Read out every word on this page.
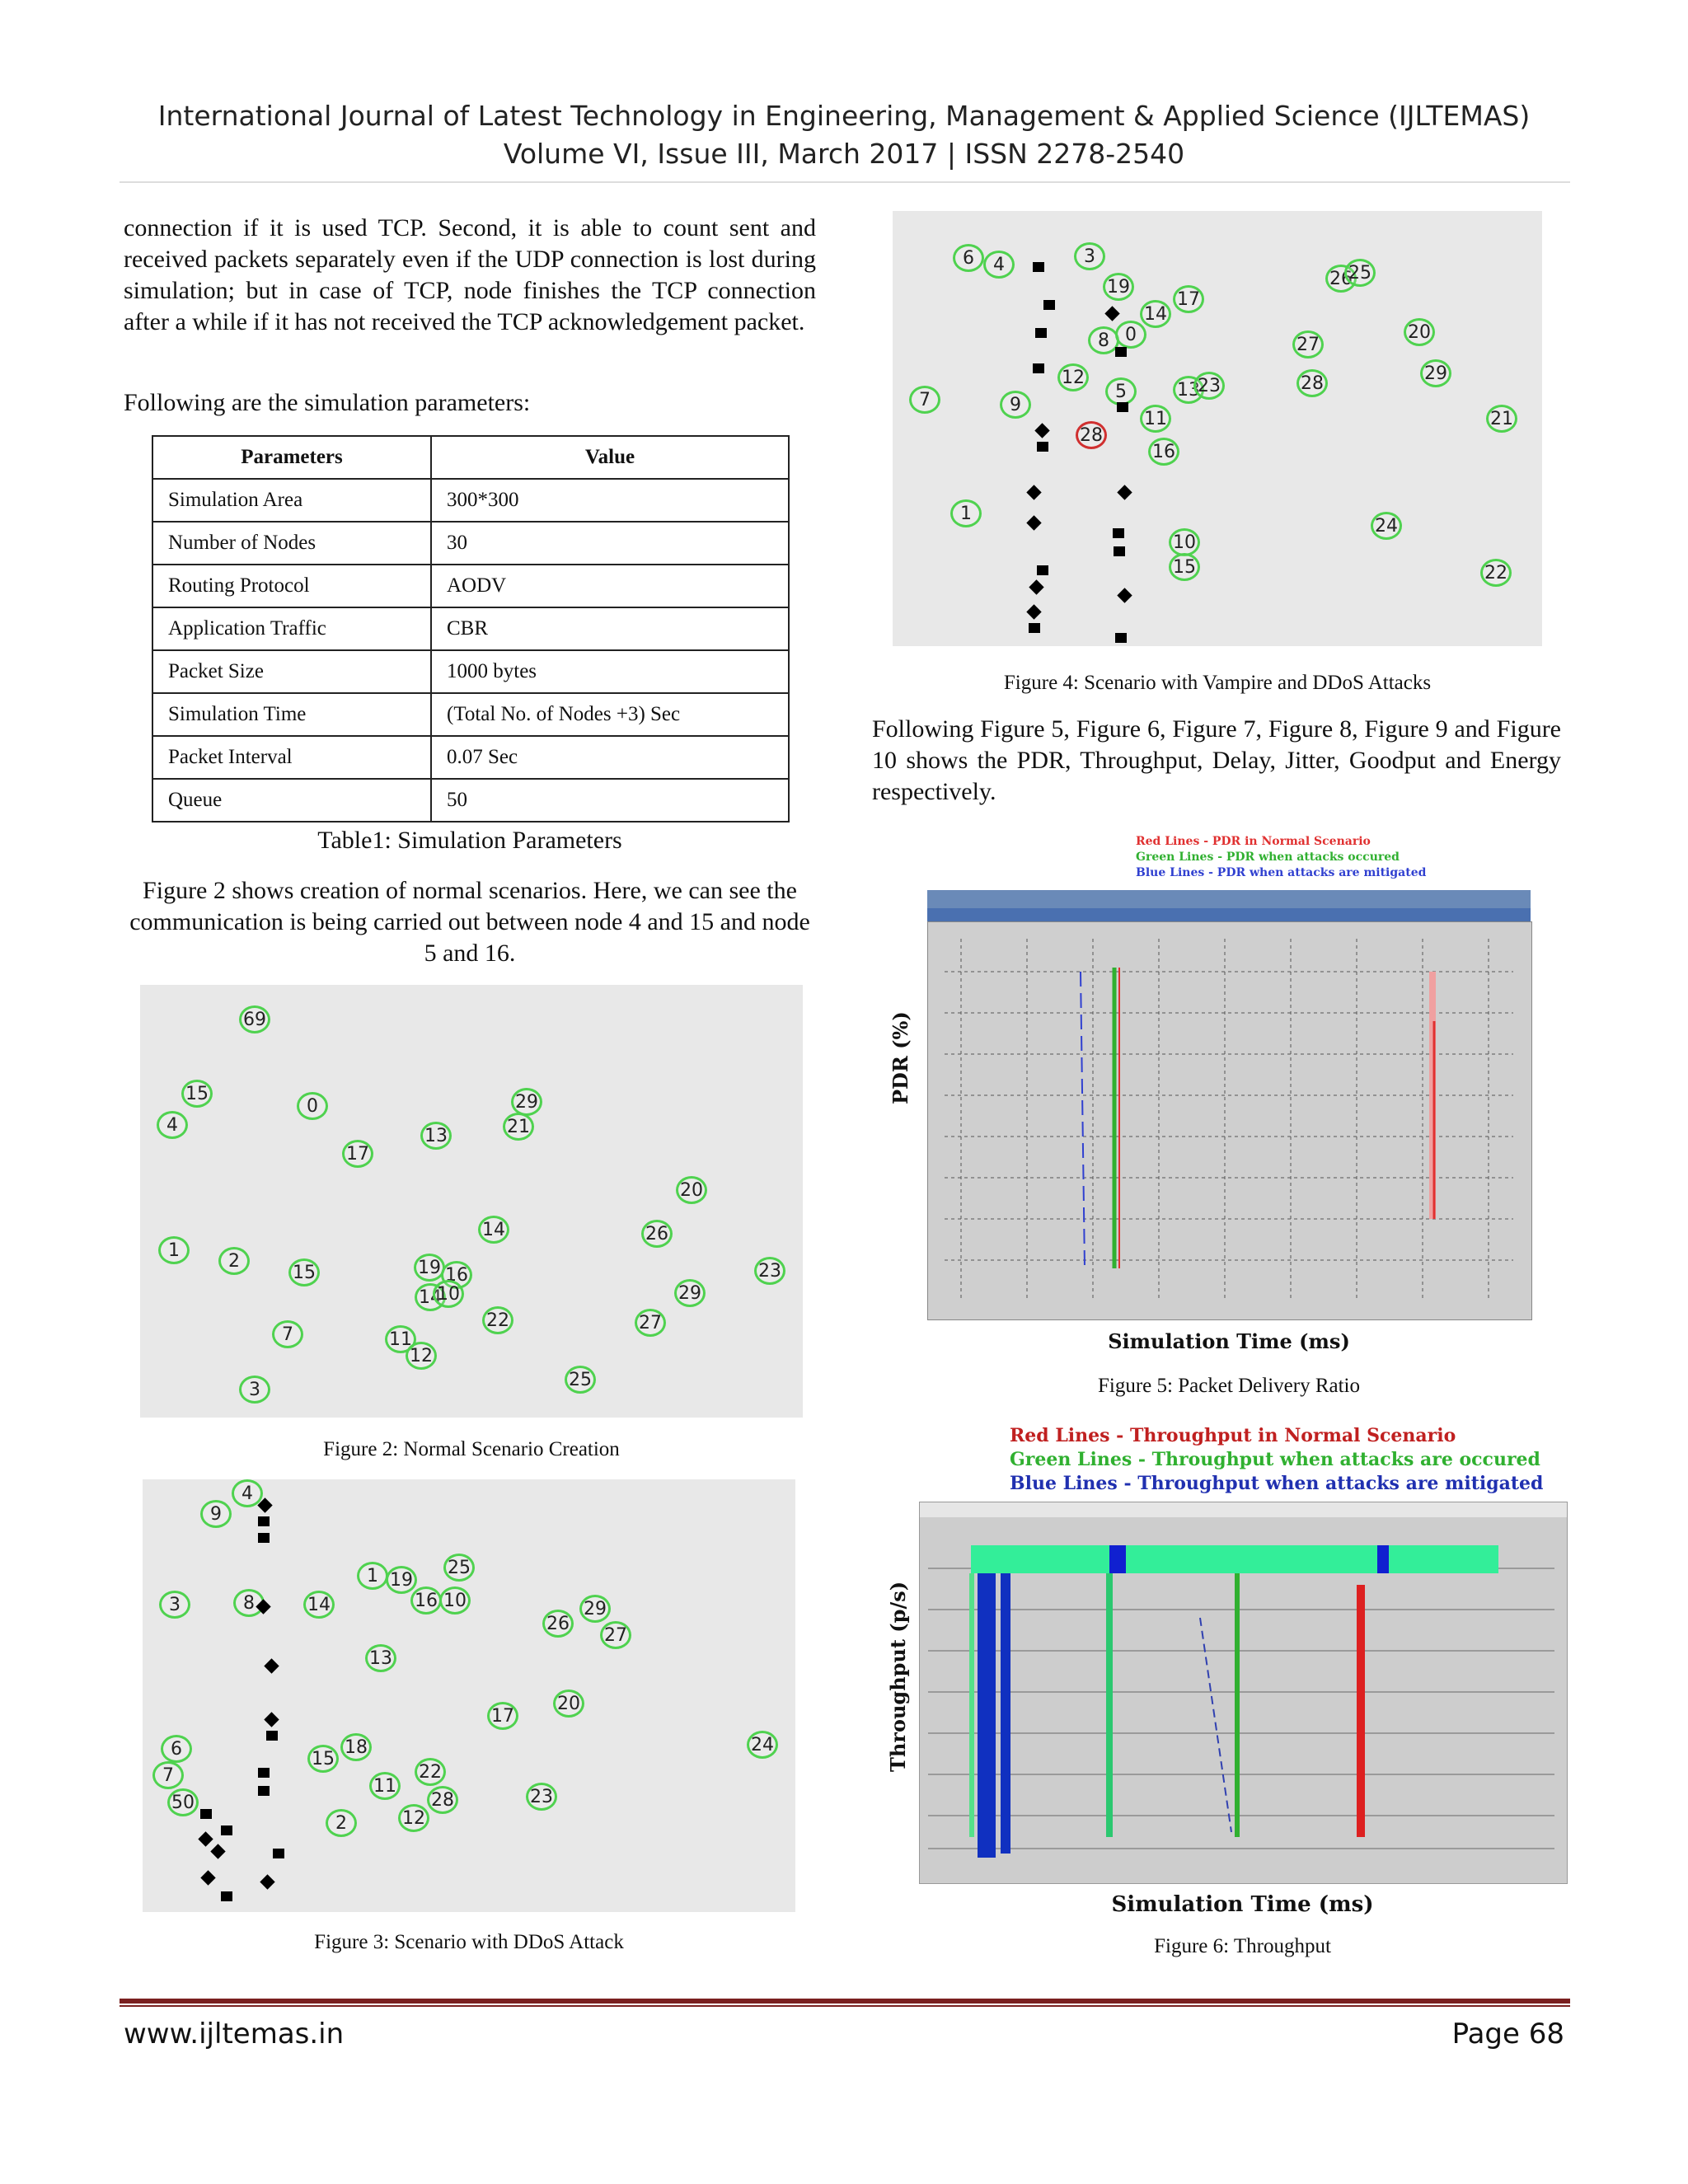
International Journal of Latest Technology in Engineering, Management & Applied Science (IJLTEMAS)
Volume VI, Issue III, March 2017 | ISSN 2278-2540
connection if it is used TCP. Second, it is able to count sent and received packets separately even if the UDP connection is lost during simulation; but in case of TCP, node finishes the TCP connection after a while if it has not received the TCP acknowledgement packet.
Following are the simulation parameters:
Parameters	Value
Simulation Area	300*300
Number of Nodes	30
Routing Protocol	AODV
Application Traffic	CBR
Packet Size	1000 bytes
Simulation Time	(Total No. of Nodes +3) Sec
Packet Interval	0.07 Sec
Queue	50
Table1: Simulation Parameters
Figure 2 shows creation of normal scenarios. Here, we can see the communication is being carried out between node 4 and 15 and node 5 and 16.
69
15
4
0
17
13
29
21
20
14	26
1
2
15	19 16
14
10
22
29
23
27
7	11
12
25
3
Figure 2: Normal Scenario Creation
4
9
3	8	14
1 19
25
16 10
26
29
27
13
20
17
18
15
24
6
7
50
11
22
28	23
12
2
Figure 3: Scenario with DDoS Attack
6	4	3
19
14
17
8 0
26
25
27
20
28	29
21
7	9
12
5	13
23
11
28
16
1
24
10
15	22
Figure 4: Scenario with Vampire and DDoS Attacks
Following Figure 5, Figure 6, Figure 7, Figure 8, Figure 9 and Figure 10 shows the PDR, Throughput, Delay, Jitter, Goodput and Energy respectively.
Red Lines - PDR in Normal Scenario
Green Lines - PDR when attacks occured
Blue Lines - PDR when attacks are mitigated
PDR (%)
Simulation Time (ms)
Figure 5: Packet Delivery Ratio
Red Lines - Throughput in Normal Scenario
Green Lines - Throughput when attacks are occured
Blue Lines - Throughput when attacks are mitigated
Throughput (p/s)
Simulation Time (ms)
Figure 6: Throughput
www.ijltemas.in	Page 68
